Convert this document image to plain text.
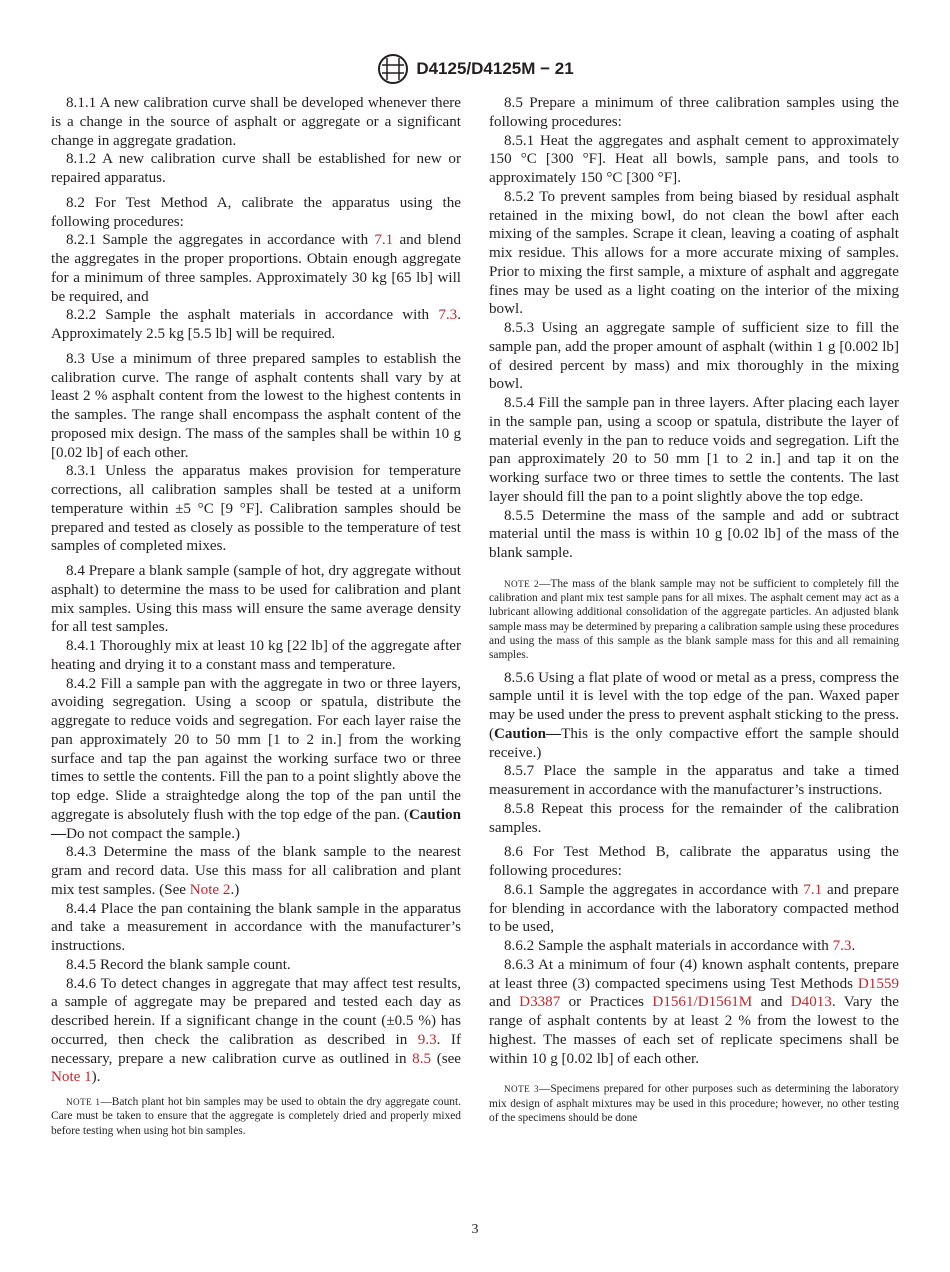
D4125/D4125M − 21

8.1.1 A new calibration curve shall be developed whenever there is a change in the source of asphalt or aggregate or a significant change in aggregate gradation.

8.1.2 A new calibration curve shall be established for new or repaired apparatus.

8.2 For Test Method A, calibrate the apparatus using the following procedures:

8.2.1 Sample the aggregates in accordance with 7.1 and blend the aggregates in the proper proportions. Obtain enough aggregate for a minimum of three samples. Approximately 30 kg [65 lb] will be required, and

8.2.2 Sample the asphalt materials in accordance with 7.3. Approximately 2.5 kg [5.5 lb] will be required.

8.3 Use a minimum of three prepared samples to establish the calibration curve. The range of asphalt contents shall vary by at least 2 % asphalt content from the lowest to the highest contents in the samples. The range shall encompass the asphalt content of the proposed mix design. The mass of the samples shall be within 10 g [0.02 lb] of each other.

8.3.1 Unless the apparatus makes provision for temperature corrections, all calibration samples shall be tested at a uniform temperature within ±5 °C [9 °F]. Calibration samples should be prepared and tested as closely as possible to the temperature of test samples of completed mixes.

8.4 Prepare a blank sample (sample of hot, dry aggregate without asphalt) to determine the mass to be used for calibration and plant mix samples. Using this mass will ensure the same average density for all test samples.

8.4.1 Thoroughly mix at least 10 kg [22 lb] of the aggregate after heating and drying it to a constant mass and temperature.

8.4.2 Fill a sample pan with the aggregate in two or three layers, avoiding segregation. Using a scoop or spatula, distribute the aggregate to reduce voids and segregation. For each layer raise the pan approximately 20 to 50 mm [1 to 2 in.] from the working surface and tap the pan against the working surface two or three times to settle the contents. Fill the pan to a point slightly above the top edge. Slide a straightedge along the top of the pan until the aggregate is absolutely flush with the top edge of the pan. (Caution—Do not compact the sample.)

8.4.3 Determine the mass of the blank sample to the nearest gram and record data. Use this mass for all calibration and plant mix test samples. (See Note 2.)

8.4.4 Place the pan containing the blank sample in the apparatus and take a measurement in accordance with the manufacturer’s instructions.

8.4.5 Record the blank sample count.

8.4.6 To detect changes in aggregate that may affect test results, a sample of aggregate may be prepared and tested each day as described herein. If a significant change in the count (±0.5 %) has occurred, then check the calibration as described in 9.3. If necessary, prepare a new calibration curve as outlined in 8.5 (see Note 1).

NOTE 1—Batch plant hot bin samples may be used to obtain the dry aggregate count. Care must be taken to ensure that the aggregate is completely dried and properly mixed before testing when using hot bin samples.

8.5 Prepare a minimum of three calibration samples using the following procedures:

8.5.1 Heat the aggregates and asphalt cement to approximately 150 °C [300 °F]. Heat all bowls, sample pans, and tools to approximately 150 °C [300 °F].

8.5.2 To prevent samples from being biased by residual asphalt retained in the mixing bowl, do not clean the bowl after each mixing of the samples. Scrape it clean, leaving a coating of asphalt mix residue. This allows for a more accurate mixing of samples. Prior to mixing the first sample, a mixture of asphalt and aggregate fines may be used as a light coating on the interior of the mixing bowl.

8.5.3 Using an aggregate sample of sufficient size to fill the sample pan, add the proper amount of asphalt (within 1 g [0.002 lb] of desired percent by mass) and mix thoroughly in the mixing bowl.

8.5.4 Fill the sample pan in three layers. After placing each layer in the sample pan, using a scoop or spatula, distribute the layer of material evenly in the pan to reduce voids and segregation. Lift the pan approximately 20 to 50 mm [1 to 2 in.] and tap it on the working surface two or three times to settle the contents. The last layer should fill the pan to a point slightly above the top edge.

8.5.5 Determine the mass of the sample and add or subtract material until the mass is within 10 g [0.02 lb] of the mass of the blank sample.

NOTE 2—The mass of the blank sample may not be sufficient to completely fill the calibration and plant mix test sample pans for all mixes. The asphalt cement may act as a lubricant allowing additional consolidation of the aggregate particles. An adjusted blank sample mass may be determined by preparing a calibration sample using these procedures and using the mass of this sample as the blank sample mass for this and all remaining samples.

8.5.6 Using a flat plate of wood or metal as a press, compress the sample until it is level with the top edge of the pan. Waxed paper may be used under the press to prevent asphalt sticking to the press. (Caution—This is the only compactive effort the sample should receive.)

8.5.7 Place the sample in the apparatus and take a timed measurement in accordance with the manufacturer’s instructions.

8.5.8 Repeat this process for the remainder of the calibration samples.

8.6 For Test Method B, calibrate the apparatus using the following procedures:

8.6.1 Sample the aggregates in accordance with 7.1 and prepare for blending in accordance with the laboratory compacted method to be used,

8.6.2 Sample the asphalt materials in accordance with 7.3.

8.6.3 At a minimum of four (4) known asphalt contents, prepare at least three (3) compacted specimens using Test Methods D1559 and D3387 or Practices D1561/D1561M and D4013. Vary the range of asphalt contents by at least 2 % from the lowest to the highest. The masses of each set of replicate specimens shall be within 10 g [0.02 lb] of each other.

NOTE 3—Specimens prepared for other purposes such as determining the laboratory mix design of asphalt mixtures may be used in this procedure; however, no other testing of the specimens should be done

3
